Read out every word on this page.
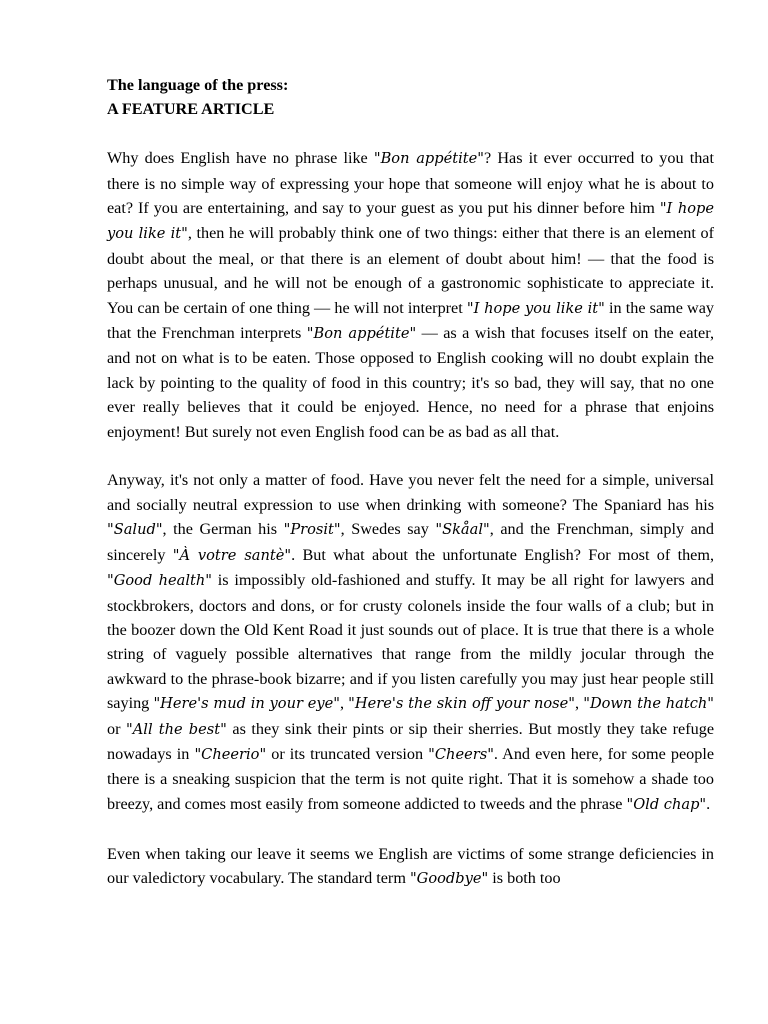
The language of the press:
A FEATURE ARTICLE

Why does English have no phrase like "Bon appétite"? Has it ever occurred to you that there is no simple way of expressing your hope that someone will enjoy what he is about to eat? If you are entertaining, and say to your guest as you put his dinner before him "I hope you like it", then he will probably think one of two things: either that there is an element of doubt about the meal, or that there is an element of doubt about him! — that the food is perhaps unusual, and he will not be enough of a gastronomic sophisticate to appreciate it. You can be certain of one thing — he will not interpret "I hope you like it" in the same way that the Frenchman interprets "Bon appétite" — as a wish that focuses itself on the eater, and not on what is to be eaten. Those opposed to English cooking will no doubt explain the lack by pointing to the quality of food in this country; it's so bad, they will say, that no one ever really believes that it could be enjoyed. Hence, no need for a phrase that enjoins enjoyment! But surely not even English food can be as bad as all that.

Anyway, it's not only a matter of food. Have you never felt the need for a simple, universal and socially neutral expression to use when drinking with someone? The Spaniard has his "Salud", the German his "Prosit", Swedes say "Skåal", and the Frenchman, simply and sincerely "À votre santè". But what about the unfortunate English? For most of them, "Good health" is impossibly old-fashioned and stuffy. It may be all right for lawyers and stockbrokers, doctors and dons, or for crusty colonels inside the four walls of a club; but in the boozer down the Old Kent Road it just sounds out of place. It is true that there is a whole string of vaguely possible alternatives that range from the mildly jocular through the awkward to the phrase-book bizarre; and if you listen carefully you may just hear people still saying "Here's mud in your eye", "Here's the skin off your nose", "Down the hatch" or "All the best" as they sink their pints or sip their sherries. But mostly they take refuge nowadays in "Cheerio" or its truncated version "Cheers". And even here, for some people there is a sneaking suspicion that the term is not quite right. That it is somehow a shade too breezy, and comes most easily from someone addicted to tweeds and the phrase "Old chap".

Even when taking our leave it seems we English are victims of some strange deficiencies in our valedictory vocabulary. The standard term "Goodbye" is both too
